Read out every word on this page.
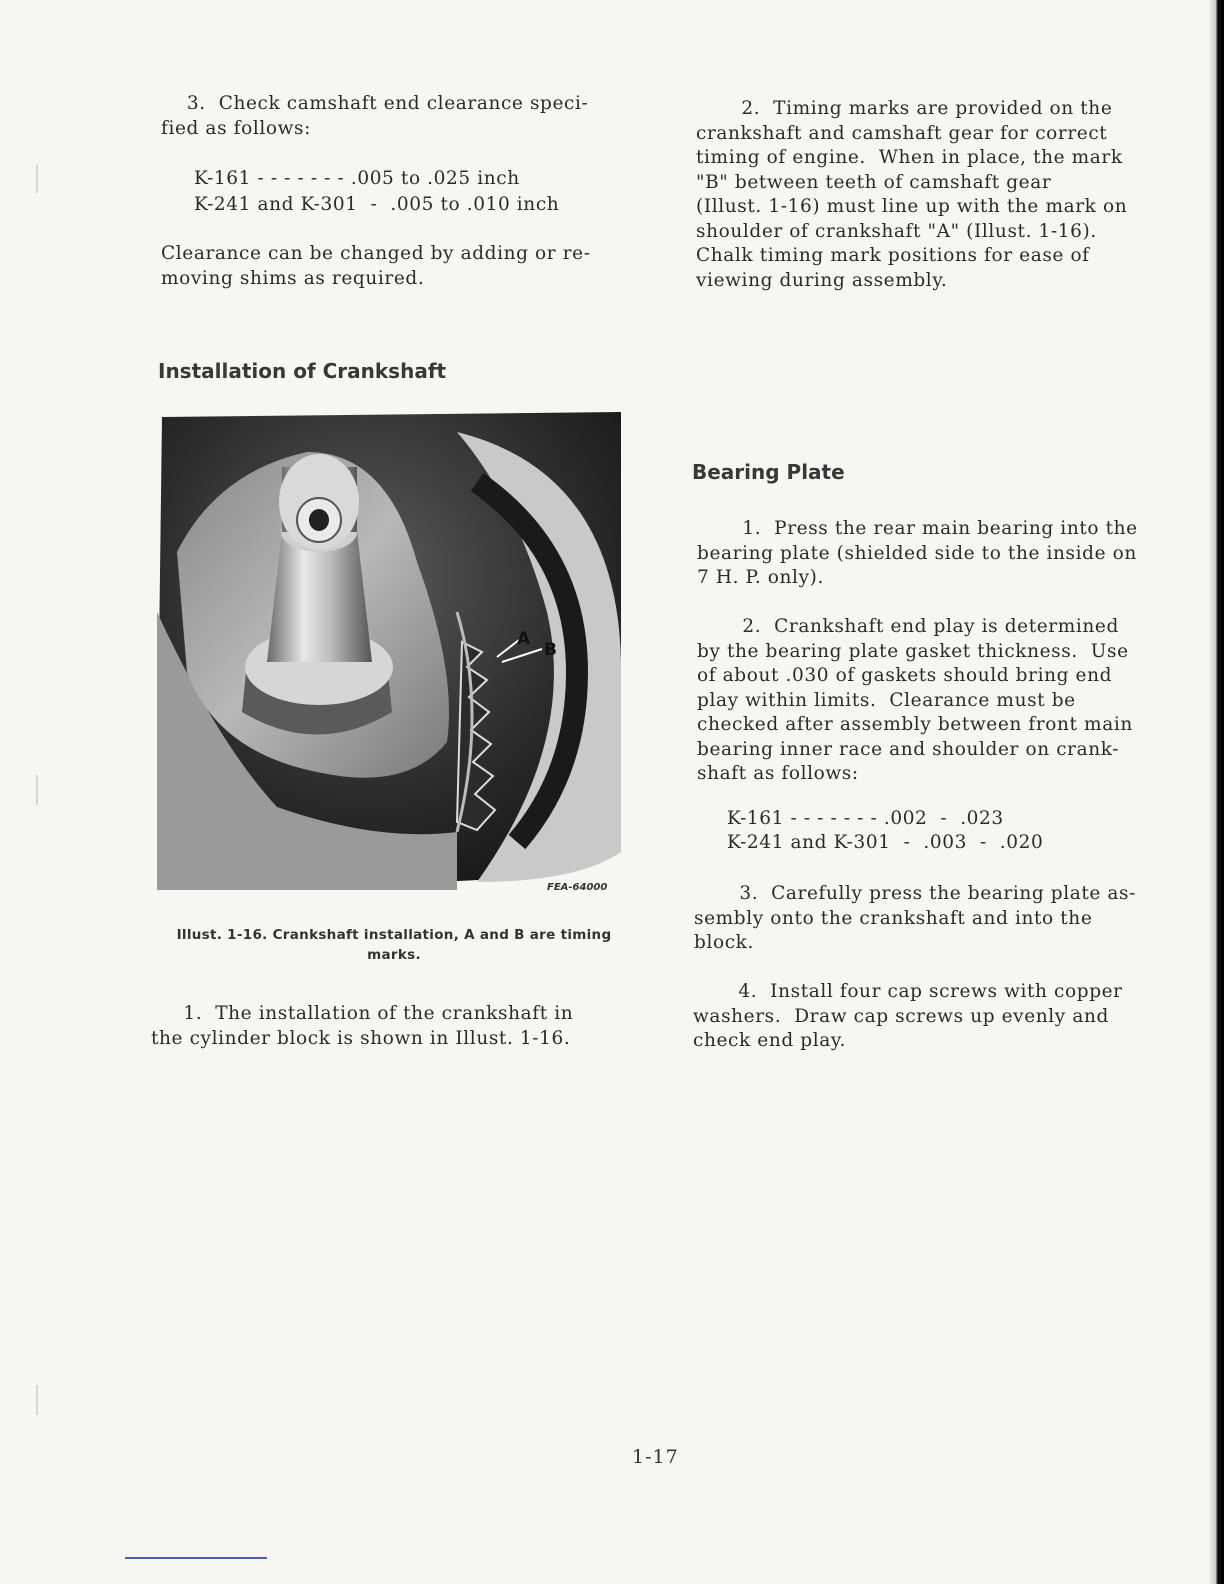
3.  Check camshaft end clearance speci-
fied as follows:

K-161 - - - - - - - .005 to .025 inch

K-241 and K-301  -  .005 to .010 inch

Clearance can be changed by adding or re-
moving shims as required.

Installation of Crankshaft
A
B
FEA-64000
Illust. 1-16. Crankshaft installation, A and B are timing
marks.

1.  The installation of the crankshaft in
the cylinder block is shown in Illust. 1-16.

2.  Timing marks are provided on the
crankshaft and camshaft gear for correct
timing of engine.  When in place, the mark
"B" between teeth of camshaft gear
(Illust. 1-16) must line up with the mark on
shoulder of crankshaft "A" (Illust. 1-16).
Chalk timing mark positions for ease of
viewing during assembly.

Bearing Plate

1.  Press the rear main bearing into the
bearing plate (shielded side to the inside on
7 H. P. only).

2.  Crankshaft end play is determined
by the bearing plate gasket thickness.  Use
of about .030 of gaskets should bring end
play within limits.  Clearance must be
checked after assembly between front main
bearing inner race and shoulder on crank-
shaft as follows:

K-161 - - - - - - - .002  -  .023

K-241 and K-301  -  .003  -  .020

3.  Carefully press the bearing plate as-
sembly onto the crankshaft and into the
block.

4.  Install four cap screws with copper
washers.  Draw cap screws up evenly and
check end play.

1-17
